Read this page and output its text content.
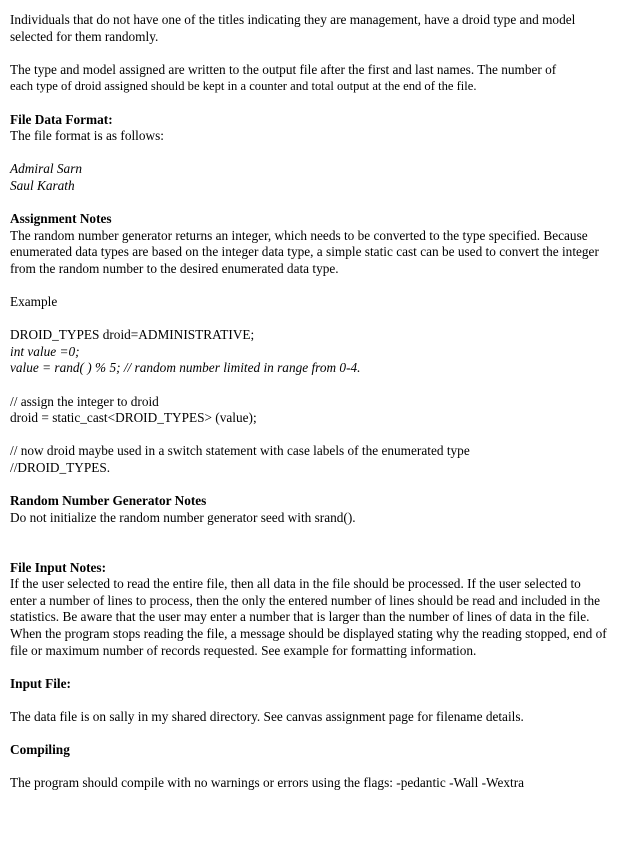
Individuals that do not have one of the titles indicating they are management, have a droid type and model selected for them randomly.

The type and model assigned are written to the output file after the first and last names. The number of

each type of droid assigned should be kept in a counter and total output at the end of the file.

File Data Format:

The file format is as follows:

Admiral Sarn

Saul Karath

Assignment Notes

The random number generator returns an integer, which needs to be converted to the type specified. Because enumerated data types are based on the integer data type, a simple static cast can be used to convert the integer from the random number to the desired enumerated data type.

Example

DROID_TYPES droid=ADMINISTRATIVE;

int value =0;

value = rand( ) % 5; // random number limited in range from 0-4.

// assign the integer to droid

droid = static_cast<DROID_TYPES> (value);

// now droid maybe used in a switch statement with case labels of the enumerated type

//DROID_TYPES.

Random Number Generator Notes

Do not initialize the random number generator seed with srand().

File Input Notes:

If the user selected to read the entire file, then all data in the file should be processed. If the user selected to enter a number of lines to process, then the only the entered number of lines should be read and included in the statistics. Be aware that the user may enter a number that is larger than the number of lines of data in the file. When the program stops reading the file, a message should be displayed stating why the reading stopped, end of file or maximum number of records requested. See example for formatting information.

Input File:

The data file is on sally in my shared directory. See canvas assignment page for filename details.

Compiling

The program should compile with no warnings or errors using the flags: -pedantic -Wall -Wextra
